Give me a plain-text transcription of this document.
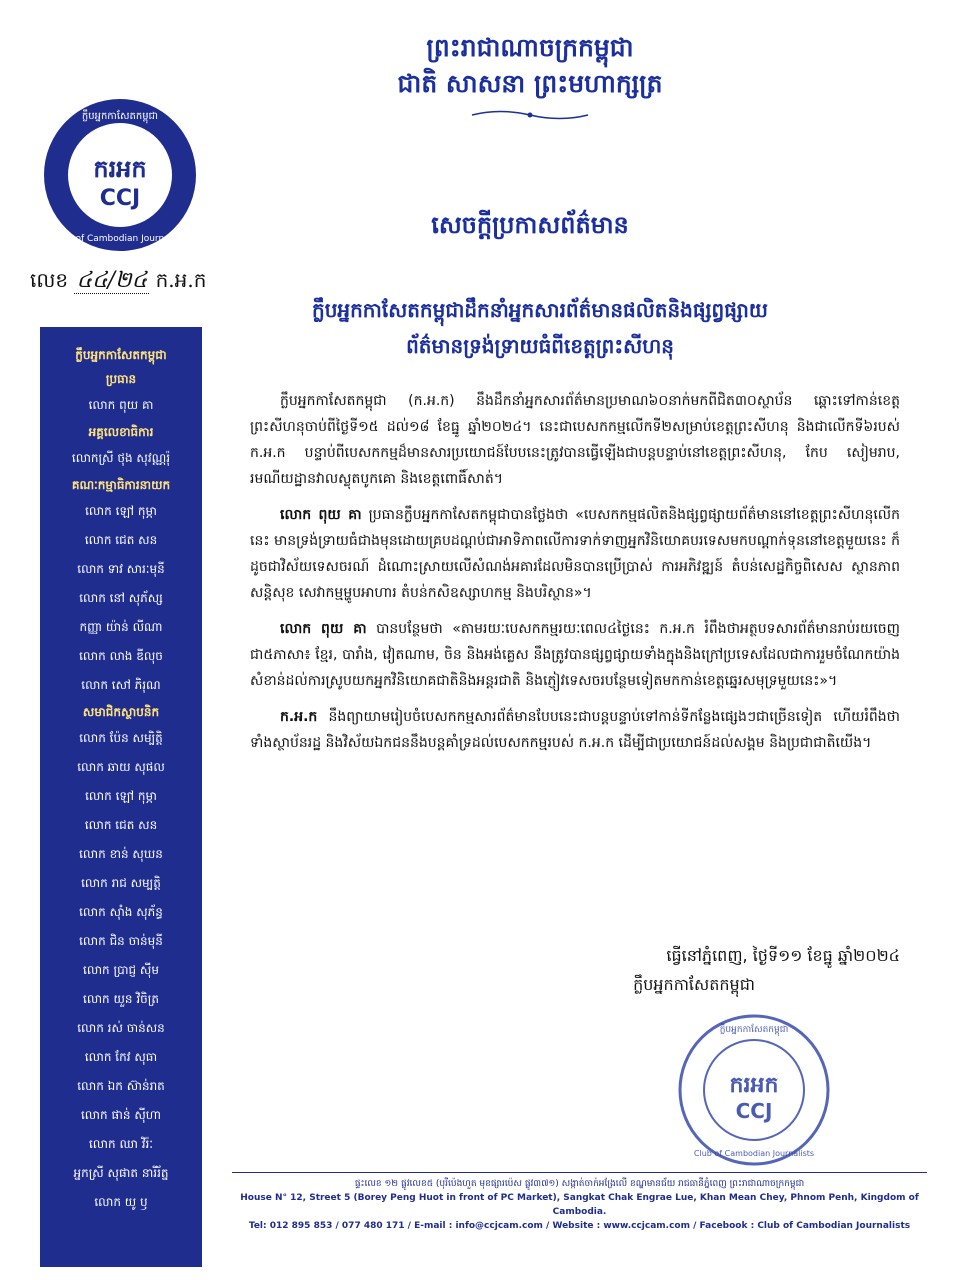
ព្រះរាជាណាចក្រកម្ពុជា
ជាតិ សាសនា ព្រះមហាក្សត្រ
ករអក
CCJ
ក្លឹបអ្នកកាសែតកម្ពុជា
Club of Cambodian Journalists	សេចក្តីប្រកាសព័ត៌មាន
លេខ ៤៤/២៤ ក.អ.ក
ក្លឹបអ្នកកាសែតកម្ពុជាដឹកនាំអ្នកសារព័ត៌មានផលិតនិងផ្សព្វផ្សាយ
ព័ត៌មានទ្រង់ទ្រាយធំពីខេត្តព្រះសីហនុ
ក្លឹបអ្នកកាសែតកម្ពុជា
ប្រធាន
លោក ពុយ គា
អគ្គលេខាធិការ
លោកស្រី ថុង សុវណ្ណរ៉ុ
គណៈកម្មាធិការនាយក
លោក ឡៅ កុម្ភា
លោក ជេត សន
លោក ទាវ សារៈមុនី
លោក នៅ សុភ័ស្ស
កញ្ញា យ៉ាន់ លីណា
លោក លាង ឌីលុច
លោក សៅ ភិរុណ
សមាជិកស្ថាបនិក
លោក ប៉ែន សម្បិត្តិ
លោក ឆាយ សុផល
លោក ឡៅ កុម្ភា
លោក ជេត សន
លោក ខាន់ សុឃន
លោក រាជ សម្បត្តិ
លោក ស៊ាំង សុភ័ន្ធ
លោក ជិន ចាន់មុនី
លោក ប្រាជ្ញ ស៊ីម
លោក យួន វិចិត្រ
លោក រស់ ចាន់សន
លោក កែវ សុធា
លោក ឯក ស៊ាន់រាត
លោក ផាន់ ស៊ីហា
លោក ឈា វិរ៉ៈ
អ្នកស្រី សុផាត នារីរ័ត្ន
លោក យូ ឫ

ក្លឹបអ្នកកាសែតកម្ពុជា (ក.អ.ក) នឹងដឹកនាំអ្នកសារព័ត៌មានប្រមាណ៦០នាក់មកពីជិត៣០ស្ថាប័ន ឆ្ពោះទៅកាន់ខេត្តព្រះសីហនុចាប់ពីថ្ងៃទី១៥ ដល់១៨ ខែធ្នូ ឆ្នាំ២០២៤។ នេះជាបេសកកម្មលើកទី២សម្រាប់ខេត្តព្រះសីហនុ និងជាលើកទី៦របស់ ក.អ.ក បន្ទាប់ពីបេសកកម្មដ៏មានសារប្រយោជន៍បែបនេះត្រូវបានធ្វើឡើងជាបន្តបន្ទាប់នៅខេត្តព្រះសីហនុ, កែប សៀមរាប, រមណីយដ្ឋានវាលស្លុតបូកគោ និងខេត្តពោធិ៍សាត់។

លោក ពុយ គា ប្រធានក្លឹបអ្នកកាសែតកម្ពុជាបានថ្លែងថា «បេសកកម្មផលិតនិងផ្សព្វផ្សាយព័ត៌មាននៅខេត្តព្រះសីហនុលើកនេះ មានទ្រង់ទ្រាយធំជាងមុនដោយគ្របដណ្តប់ជាអាទិភាពលើការទាក់ទាញអ្នកវិនិយោគបរទេសមកបណ្តាក់ទុននៅខេត្តមួយនេះ ក៏ដូចជាវិស័យទេសចរណ៍ ដំណោះស្រាយលើសំណង់អគារដែលមិនបានប្រើប្រាស់ ការអភិវឌ្ឍន៍ តំបន់សេដ្ឋកិច្ចពិសេស ស្ថានភាពសន្តិសុខ សេវាកម្មម្ហូបអាហារ តំបន់កសិឧស្សាហកម្ម និងបរិស្ថាន»។

លោក ពុយ គា បានបន្ថែមថា «តាមរយៈបេសកកម្មរយៈពេល៤ថ្ងៃនេះ ក.អ.ក រំពឹងថាអត្ថបទសារព័ត៌មានរាប់រយចេញជា៥ភាសា៖ ខ្មែរ, បារាំង, វៀតណាម, ចិន និងអង់គ្លេស នឹងត្រូវបានផ្សព្វផ្សាយទាំងក្នុងនិងក្រៅប្រទេសដែលជាការរួមចំណែកយ៉ាងសំខាន់ដល់ការស្រូបយកអ្នកវិនិយោគជាតិនិងអន្តរជាតិ និងភ្ញៀវទេសចរបន្ថែមទៀតមកកាន់ខេត្តឆ្នេរសមុទ្រមួយនេះ»។

ក.អ.ក នឹងព្យាយាមរៀបចំបេសកកម្មសារព័ត៌មានបែបនេះជាបន្តបន្ទាប់ទៅកាន់ទីកន្លែងផ្សេងៗជាច្រើនទៀត ហើយរំពឹងថា ទាំងស្ថាប័នរដ្ឋ និងវិស័យឯកជននឹងបន្តគាំទ្រដល់បេសកកម្មរបស់ ក.អ.ក ដើម្បីជាប្រយោជន៍ដល់សង្គម និងប្រជាជាតិយើង។

ធ្វើនៅភ្នំពេញ, ថ្ងៃទី១១ ខែធ្នូ ឆ្នាំ២០២៤
ក្លឹបអ្នកកាសែតកម្ពុជា
ករអក
CCJ
ក្លឹបអ្នកកាសែតកម្ពុជា
Club of Cambodian Journalists
ផ្ទះលេខ ១២ ផ្លូវលេខ៥ (បុរីប៉េងហួត មុខផ្សារប៉េស ផ្លូវ៣៧១) សង្កាត់ចាក់អង្រែលើ ខណ្ឌមានជ័យ រាជធានីភ្នំពេញ ព្រះរាជាណាចក្រកម្ពុជា
House N° 12, Street 5 (Borey Peng Huot in front of PC Market), Sangkat Chak Engrae Lue, Khan Mean Chey, Phnom Penh, Kingdom of Cambodia.
Tel: 012 895 853 / 077 480 171 / E-mail : info@ccjcam.com / Website : www.ccjcam.com / Facebook : Club of Cambodian Journalists
